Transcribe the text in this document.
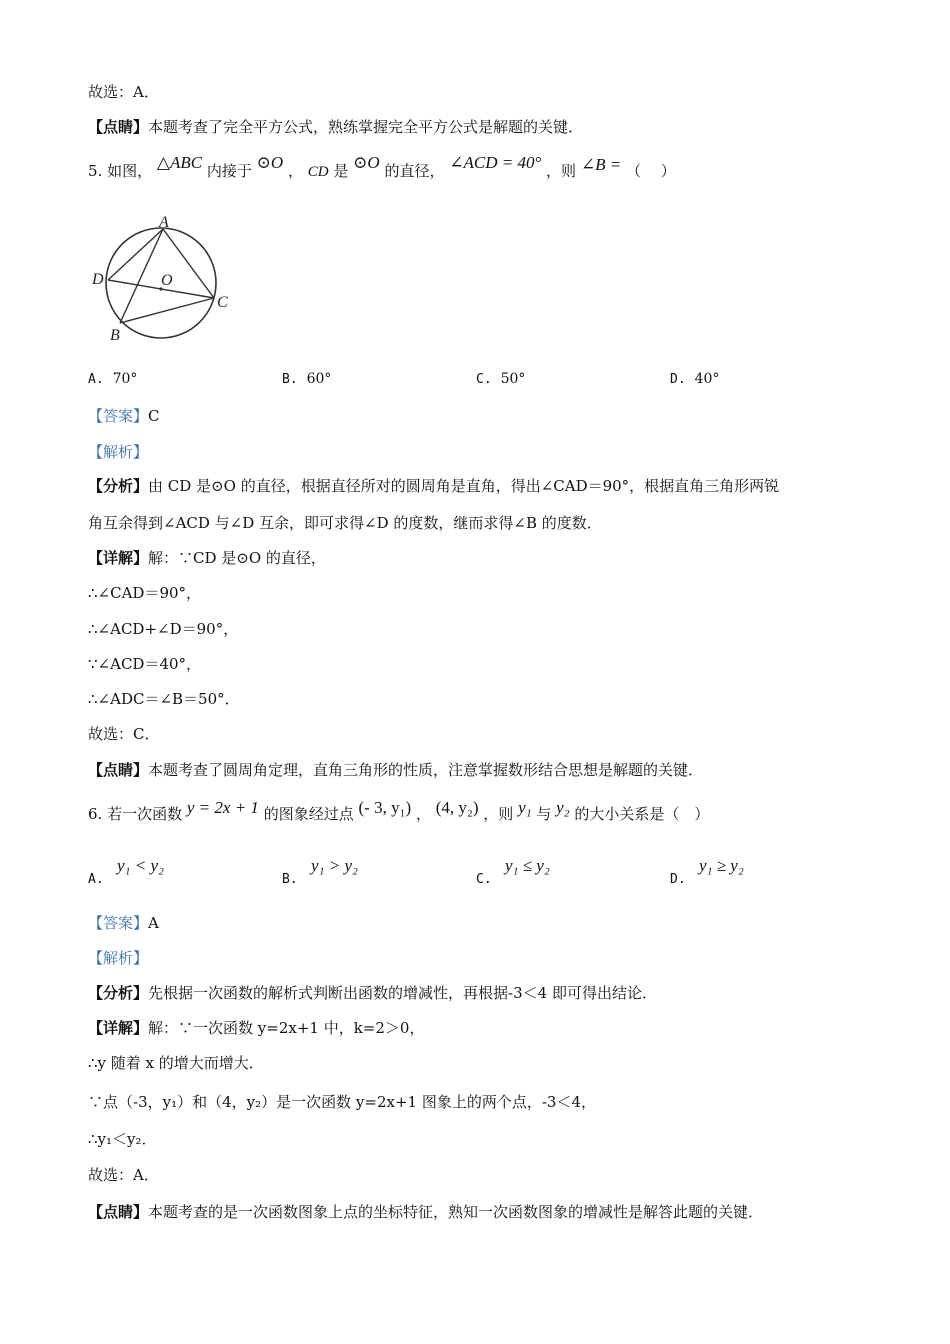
故选：A．
【点睛】本题考查了完全平方公式，熟练掌握完全平方公式是解题的关键．
5. 如图， △ABC 内接于 ⊙O ， CD 是 ⊙O 的直径， ∠ACD = 40° ，则 ∠B = （　 ）
A
D	O
C
B
A. 70°	B. 60°	C. 50°	D. 40°
【答案】C
【解析】
【分析】由 CD 是⊙O 的直径，根据直径所对的圆周角是直角，得出∠CAD＝90°，根据直角三角形两锐
角互余得到∠ACD 与∠D 互余，即可求得∠D 的度数，继而求得∠B 的度数．
【详解】解：∵CD 是⊙O 的直径，
∴∠CAD＝90°，
∴∠ACD+∠D＝90°，
∵∠ACD＝40°，
∴∠ADC＝∠B＝50°．
故选：C．
【点睛】本题考查了圆周角定理，直角三角形的性质，注意掌握数形结合思想是解题的关键．
6. 若一次函数 y = 2x + 1 的图象经过点 (- 3, y₁) ， (4, y₂) ，则 y₁ 与 y₂ 的大小关系是（　）
A.   y₁ < y₂
B.   y₁ > y₂
C.   y₁ ≤ y₂
D.   y₁ ≥ y₂
【答案】A
【解析】
【分析】先根据一次函数的解析式判断出函数的增减性，再根据-3＜4 即可得出结论．
【详解】解：∵一次函数 y=2x+1 中，k=2＞0，
∴y 随着 x 的增大而增大．
∵点（-3，y₁）和（4，y₂）是一次函数 y=2x+1 图象上的两个点，-3＜4，
∴y₁＜y₂．
故选：A．
【点睛】本题考查的是一次函数图象上点的坐标特征，熟知一次函数图象的增减性是解答此题的关键．
